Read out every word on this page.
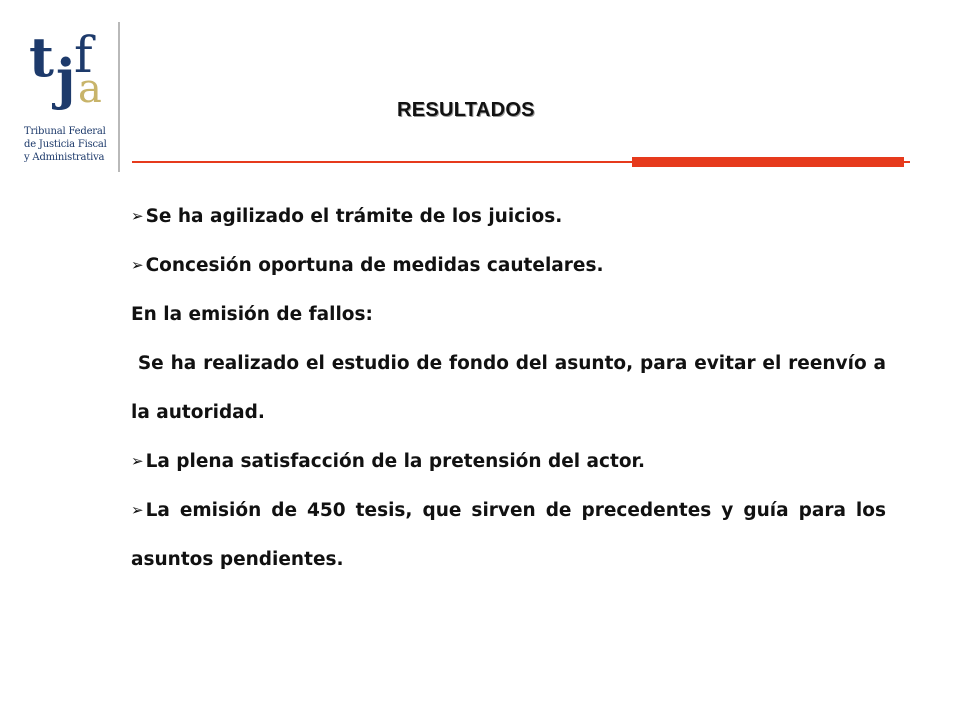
t j
f
a
Tribunal Federal
de Justicia Fiscal
y Administrativa
RESULTADOS

➢ Se ha agilizado el trámite de los juicios.

➢ Concesión oportuna de medidas cautelares.

En la emisión de fallos:

Se ha realizado el estudio de fondo del asunto, para evitar el reenvío a la autoridad.

➢ La plena satisfacción de la pretensión del actor.

➢ La emisión de 450 tesis, que sirven de precedentes y guía para los asuntos pendientes.
